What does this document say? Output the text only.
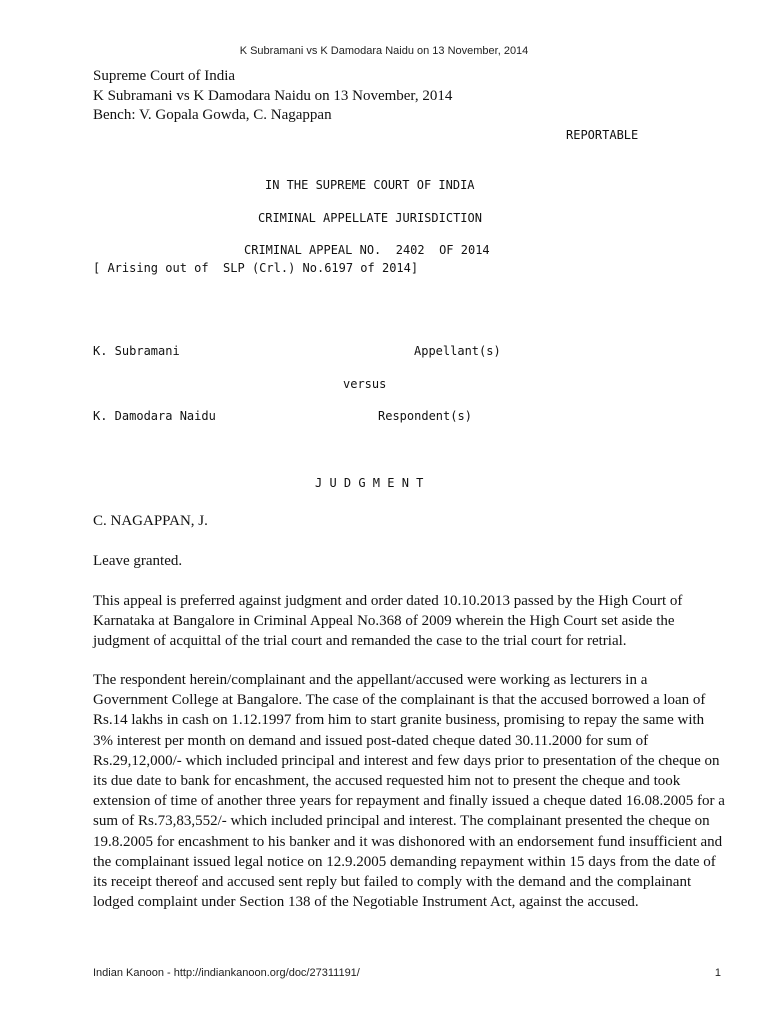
K Subramani vs K Damodara Naidu on 13 November, 2014
Supreme Court of India
K Subramani vs K Damodara Naidu on 13 November, 2014
Bench: V. Gopala Gowda, C. Nagappan
REPORTABLE
IN THE SUPREME COURT OF INDIA
CRIMINAL APPELLATE JURISDICTION
CRIMINAL APPEAL NO.  2402  OF 2014
[ Arising out of  SLP (Crl.) No.6197 of 2014]
K. Subramani	Appellant(s)
versus
K. Damodara Naidu	Respondent(s)
J U D G M E N T
C. NAGAPPAN, J.
Leave granted.

This appeal is preferred against judgment and order dated 10.10.2013 passed by the High Court of Karnataka at Bangalore in Criminal Appeal No.368 of 2009 wherein the High Court set aside the judgment of acquittal of the trial court and remanded the case to the trial court for retrial.

The respondent herein/complainant and the appellant/accused were working as lecturers in a Government College at Bangalore. The case of the complainant is that the accused borrowed a loan of Rs.14 lakhs in cash on 1.12.1997 from him to start granite business, promising to repay the same with 3% interest per month on demand and issued post-dated cheque dated 30.11.2000 for sum of Rs.29,12,000/- which included principal and interest and few days prior to presentation of the cheque on its due date to bank for encashment, the accused requested him not to present the cheque and took extension of time of another three years for repayment and finally issued a cheque dated 16.08.2005 for a sum of Rs.73,83,552/- which included principal and interest. The complainant presented the cheque on 19.8.2005 for encashment to his banker and it was dishonored with an endorsement fund insufficient and the complainant issued legal notice on 12.9.2005 demanding repayment within 15 days from the date of its receipt thereof and accused sent reply but failed to comply with the demand and the complainant lodged complaint under Section 138 of the Negotiable Instrument Act, against the accused.

Indian Kanoon - http://indiankanoon.org/doc/27311191/	1
